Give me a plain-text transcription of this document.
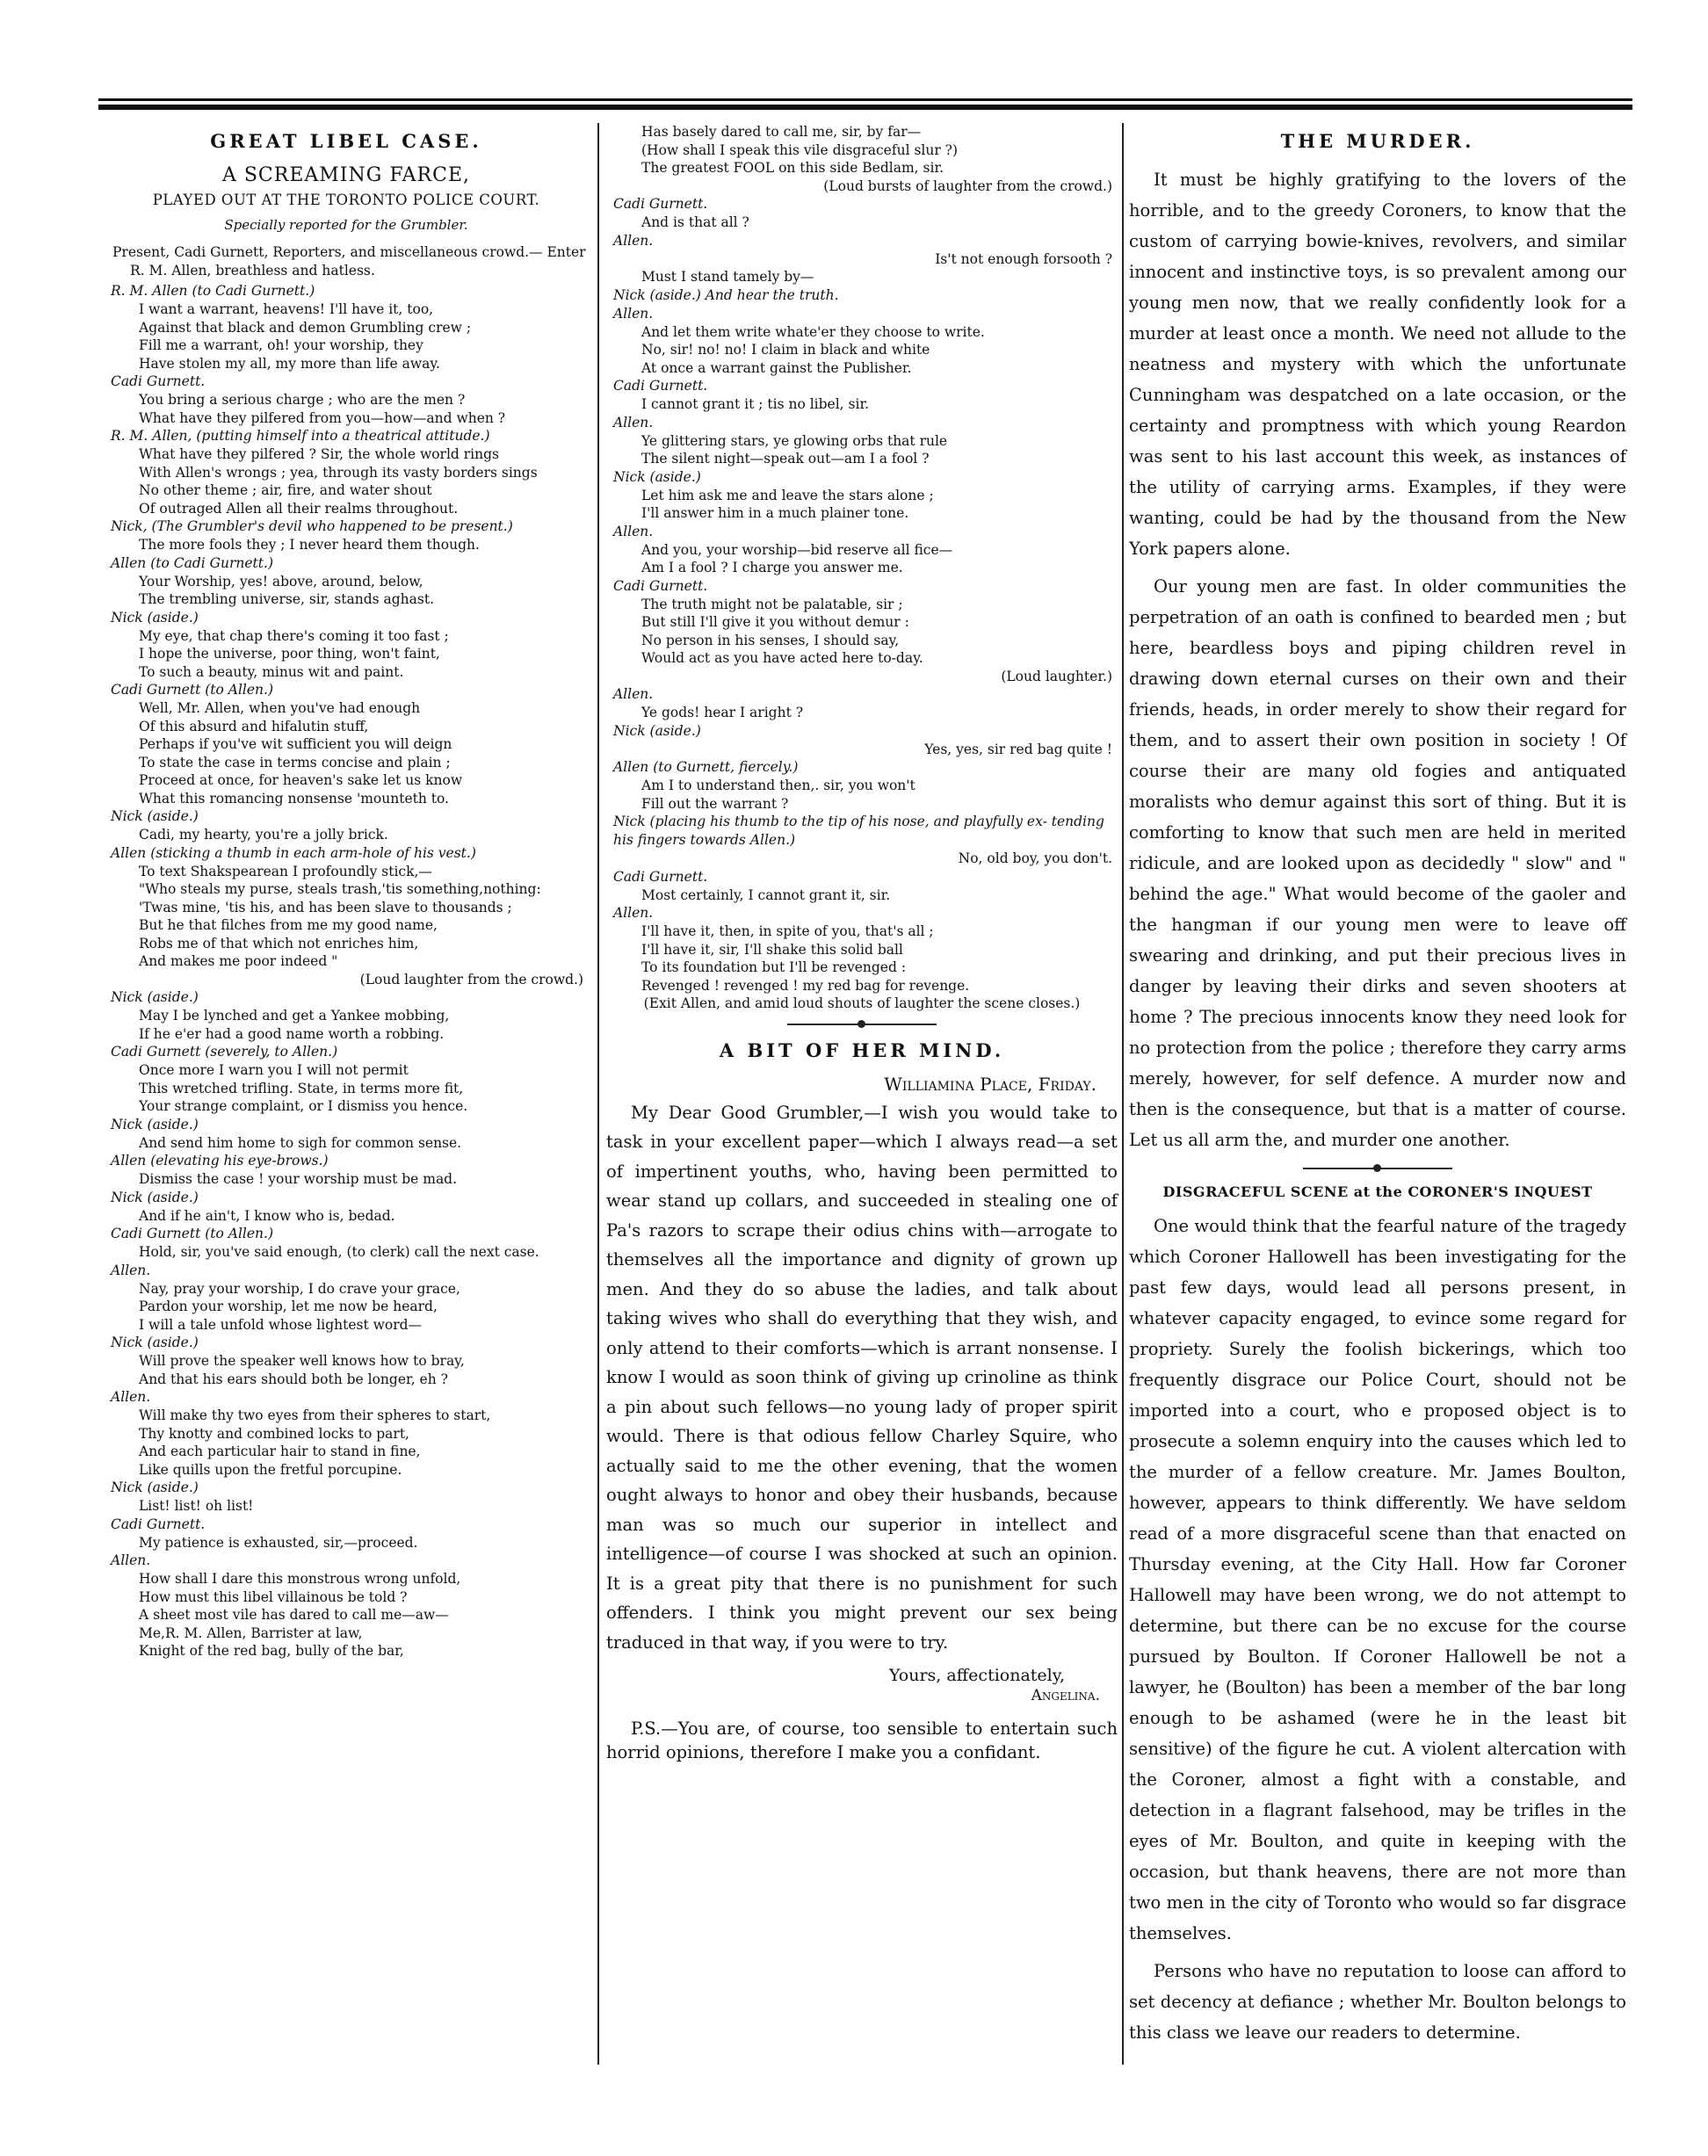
GREAT LIBEL CASE.
A SCREAMING FARCE,
PLAYED OUT AT THE TORONTO POLICE COURT.
Specially reported for the Grumbler.
Present, Cadi Gurnett, Reporters, and miscellaneous crowd.— Enter R. M. Allen, breathless and hatless.
R. M. Allen (to Cadi Gurnett.)
I want a warrant, heavens! I'll have it, too,
Against that black and demon Grumbling crew ;
Fill me a warrant, oh! your worship, they
Have stolen my all, my more than life away.
Cadi Gurnett.
You bring a serious charge ; who are the men ?
What have they pilfered from you—how—and when ?
R. M. Allen, (putting himself into a theatrical attitude.)
What have they pilfered ? Sir, the whole world rings
With Allen's wrongs ; yea, through its vasty borders sings
No other theme ; air, fire, and water shout
Of outraged Allen all their realms throughout.
Nick, (The Grumbler's devil who happened to be present.)
The more fools they ; I never heard them though.
Allen (to Cadi Gurnett.)
Your Worship, yes! above, around, below,
The trembling universe, sir, stands aghast.
Nick (aside.)
My eye, that chap there's coming it too fast ;
I hope the universe, poor thing, won't faint,
To such a beauty, minus wit and paint.
Cadi Gurnett (to Allen.)
Well, Mr. Allen, when you've had enough
Of this absurd and hifalutin stuff,
Perhaps if you've wit sufficient you will deign
To state the case in terms concise and plain ;
Proceed at once, for heaven's sake let us know
What this romancing nonsense 'mounteth to.
Nick (aside.)
Cadi, my hearty, you're a jolly brick.
Allen (sticking a thumb in each arm-hole of his vest.)
To text Shakspearean I profoundly stick,—
"Who steals my purse, steals trash,'tis something,nothing:
'Twas mine, 'tis his, and has been slave to thousands ;
But he that filches from me my good name,
Robs me of that which not enriches him,
And makes me poor indeed "
(Loud laughter from the crowd.)
Nick (aside.)
May I be lynched and get a Yankee mobbing,
If he e'er had a good name worth a robbing.
Cadi Gurnett (severely, to Allen.)
Once more I warn you I will not permit
This wretched trifling. State, in terms more fit,
Your strange complaint, or I dismiss you hence.
Nick (aside.)
And send him home to sigh for common sense.
Allen (elevating his eye-brows.)
Dismiss the case ! your worship must be mad.
Nick (aside.)
And if he ain't, I know who is, bedad.
Cadi Gurnett (to Allen.)
Hold, sir, you've said enough, (to clerk) call the next case.
Allen.
Nay, pray your worship, I do crave your grace,
Pardon your worship, let me now be heard,
I will a tale unfold whose lightest word—
Nick (aside.)
Will prove the speaker well knows how to bray,
And that his ears should both be longer, eh ?
Allen.
Will make thy two eyes from their spheres to start,
Thy knotty and combined locks to part,
And each particular hair to stand in fine,
Like quills upon the fretful porcupine.
Nick (aside.)
List! list! oh list!
Cadi Gurnett.
My patience is exhausted, sir,—proceed.
Allen.
How shall I dare this monstrous wrong unfold,
How must this libel villainous be told ?
A sheet most vile has dared to call me—aw—
Me,R. M. Allen, Barrister at law,
Knight of the red bag, bully of the bar,
Has basely dared to call me, sir, by far—
(How shall I speak this vile disgraceful slur ?)
The greatest FOOL on this side Bedlam, sir.
(Loud bursts of laughter from the crowd.)
Cadi Gurnett.
And is that all ?
Allen.
Is't not enough forsooth ?
Must I stand tamely by—
Nick (aside.) And hear the truth.
Allen.
And let them write whate'er they choose to write.
No, sir! no! no! I claim in black and white
At once a warrant gainst the Publisher.
Cadi Gurnett.
I cannot grant it ; tis no libel, sir.
Allen.
Ye glittering stars, ye glowing orbs that rule
The silent night—speak out—am I a fool ?
Nick (aside.)
Let him ask me and leave the stars alone ;
I'll answer him in a much plainer tone.
Allen.
And you, your worship—bid reserve all fice—
Am I a fool ? I charge you answer me.
Cadi Gurnett.
The truth might not be palatable, sir ;
But still I'll give it you without demur :
No person in his senses, I should say,
Would act as you have acted here to-day.
(Loud laughter.)
Allen.
Ye gods! hear I aright ?
Nick (aside.)
Yes, yes, sir red bag quite !
Allen (to Gurnett, fiercely.)
Am I to understand then,. sir, you won't
Fill out the warrant ?
Nick (placing his thumb to the tip of his nose, and playfully ex- tending his fingers towards Allen.)
No, old boy, you don't.
Cadi Gurnett.
Most certainly, I cannot grant it, sir.
Allen.
I'll have it, then, in spite of you, that's all ;
I'll have it, sir, I'll shake this solid ball
To its foundation but I'll be revenged :
Revenged ! revenged ! my red bag for revenge.
(Exit Allen, and amid loud shouts of laughter the scene closes.)
A BIT OF HER MIND.
Williamina Place, Friday.

My Dear Good Grumbler,—I wish you would take to task in your excellent paper—which I always read—a set of impertinent youths, who, having been permitted to wear stand up collars, and succeeded in stealing one of Pa's razors to scrape their odius chins with—arrogate to themselves all the importance and dignity of grown up men. And they do so abuse the ladies, and talk about taking wives who shall do everything that they wish, and only attend to their comforts—which is arrant nonsense. I know I would as soon think of giving up crinoline as think a pin about such fellows—no young lady of proper spirit would. There is that odious fellow Charley Squire, who actually said to me the other evening, that the women ought always to honor and obey their husbands, because man was so much our superior in intellect and intelligence—of course I was shocked at such an opinion. It is a great pity that there is no punishment for such offenders. I think you might prevent our sex being traduced in that way, if you were to try.

Yours, affectionately,
Angelina.

P.S.—You are, of course, too sensible to entertain such horrid opinions, therefore I make you a confidant.

THE MURDER.

It must be highly gratifying to the lovers of the horrible, and to the greedy Coroners, to know that the custom of carrying bowie-knives, revolvers, and similar innocent and instinctive toys, is so prevalent among our young men now, that we really confidently look for a murder at least once a month. We need not allude to the neatness and mystery with which the unfortunate Cunningham was despatched on a late occasion, or the certainty and promptness with which young Reardon was sent to his last account this week, as instances of the utility of carrying arms. Examples, if they were wanting, could be had by the thousand from the New York papers alone.

Our young men are fast. In older communities the perpetration of an oath is confined to bearded men ; but here, beardless boys and piping children revel in drawing down eternal curses on their own and their friends, heads, in order merely to show their regard for them, and to assert their own position in society ! Of course their are many old fogies and antiquated moralists who demur against this sort of thing. But it is comforting to know that such men are held in merited ridicule, and are looked upon as decidedly " slow" and " behind the age." What would become of the gaoler and the hangman if our young men were to leave off swearing and drinking, and put their precious lives in danger by leaving their dirks and seven shooters at home ? The precious innocents know they need look for no protection from the police ; therefore they carry arms merely, however, for self defence. A murder now and then is the consequence, but that is a matter of course. Let us all arm the, and murder one another.

DISGRACEFUL SCENE at the CORONER'S INQUEST

One would think that the fearful nature of the tragedy which Coroner Hallowell has been investigating for the past few days, would lead all persons present, in whatever capacity engaged, to evince some regard for propriety. Surely the foolish bickerings, which too frequently disgrace our Police Court, should not be imported into a court, who e proposed object is to prosecute a solemn enquiry into the causes which led to the murder of a fellow creature. Mr. James Boulton, however, appears to think differently. We have seldom read of a more disgraceful scene than that enacted on Thursday evening, at the City Hall. How far Coroner Hallowell may have been wrong, we do not attempt to determine, but there can be no excuse for the course pursued by Boulton. If Coroner Hallowell be not a lawyer, he (Boulton) has been a member of the bar long enough to be ashamed (were he in the least bit sensitive) of the figure he cut. A violent altercation with the Coroner, almost a fight with a constable, and detection in a flagrant falsehood, may be trifles in the eyes of Mr. Boulton, and quite in keeping with the occasion, but thank heavens, there are not more than two men in the city of Toronto who would so far disgrace themselves.

Persons who have no reputation to loose can afford to set decency at defiance ; whether Mr. Boulton belongs to this class we leave our readers to determine.
